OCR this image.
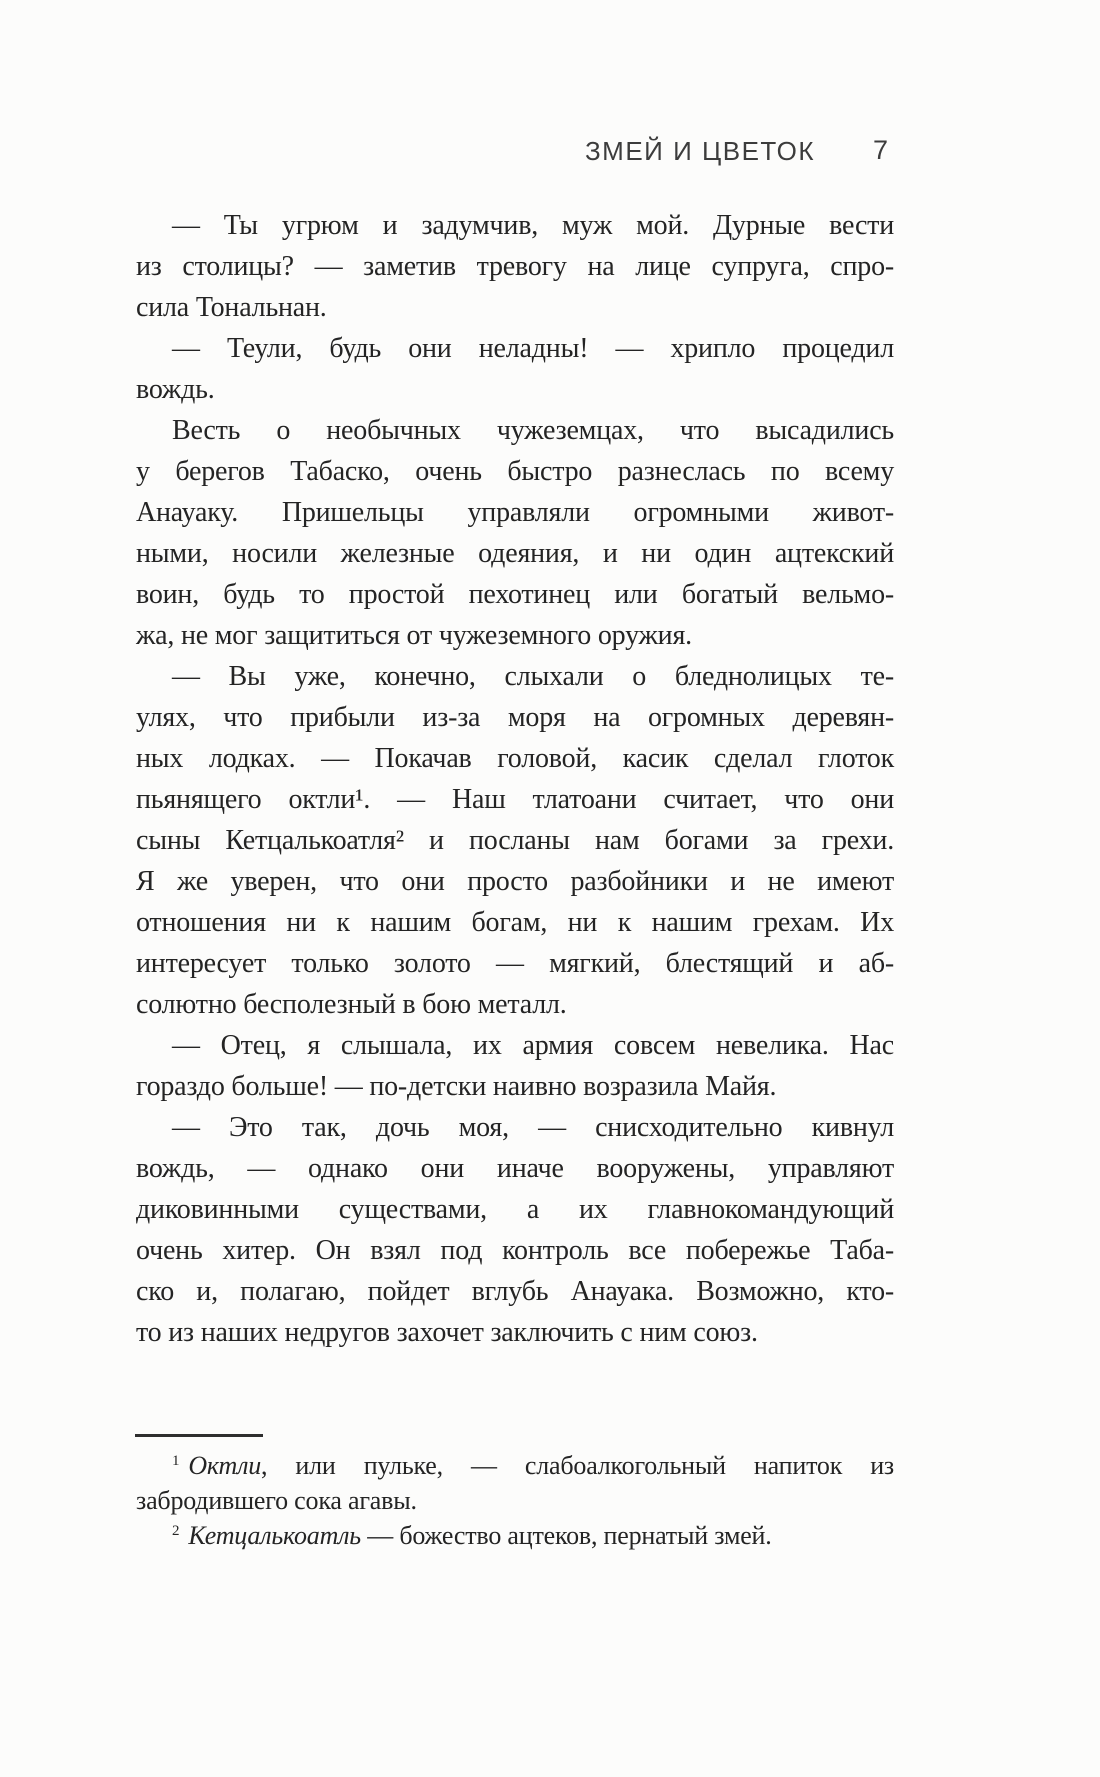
ЗМЕЙ И ЦВЕТОК 7
— Ты угрюм и задумчив, муж мой. Дурные вести
из столицы? — заметив тревогу на лице супруга, спро-
сила Тональнан.
— Теули, будь они неладны! — хрипло процедил
вождь.
Весть о необычных чужеземцах, что высадились
у берегов Табаско, очень быстро разнеслась по всему
Анауаку. Пришельцы управляли огромными живот-
ными, носили железные одеяния, и ни один ацтекский
воин, будь то простой пехотинец или богатый вельмо-
жа, не мог защититься от чужеземного оружия.
— Вы уже, конечно, слыхали о бледнолицых те-
улях, что прибыли из-за моря на огромных деревян-
ных лодках. — Покачав головой, касик сделал глоток
пьянящего октли¹. — Наш тлатоани считает, что они
сыны Кетцалькоатля² и посланы нам богами за грехи.
Я же уверен, что они просто разбойники и не имеют
отношения ни к нашим богам, ни к нашим грехам. Их
интересует только золото — мягкий, блестящий и аб-
солютно бесполезный в бою металл.
— Отец, я слышала, их армия совсем невелика. Нас
гораздо больше! — по-детски наивно возразила Майя.
— Это так, дочь моя, — снисходительно кивнул
вождь, — однако они иначе вооружены, управляют
диковинными существами, а их главнокомандующий
очень хитер. Он взял под контроль все побережье Таба-
ско и, полагаю, пойдет вглубь Анауака. Возможно, кто-
то из наших недругов захочет заключить с ним союз.
$^1$ Октли, или пульке, — слабоалкогольный напиток из
забродившего сока агавы.
$^2$ Кетцалькоатль — божество ацтеков, пернатый змей.
